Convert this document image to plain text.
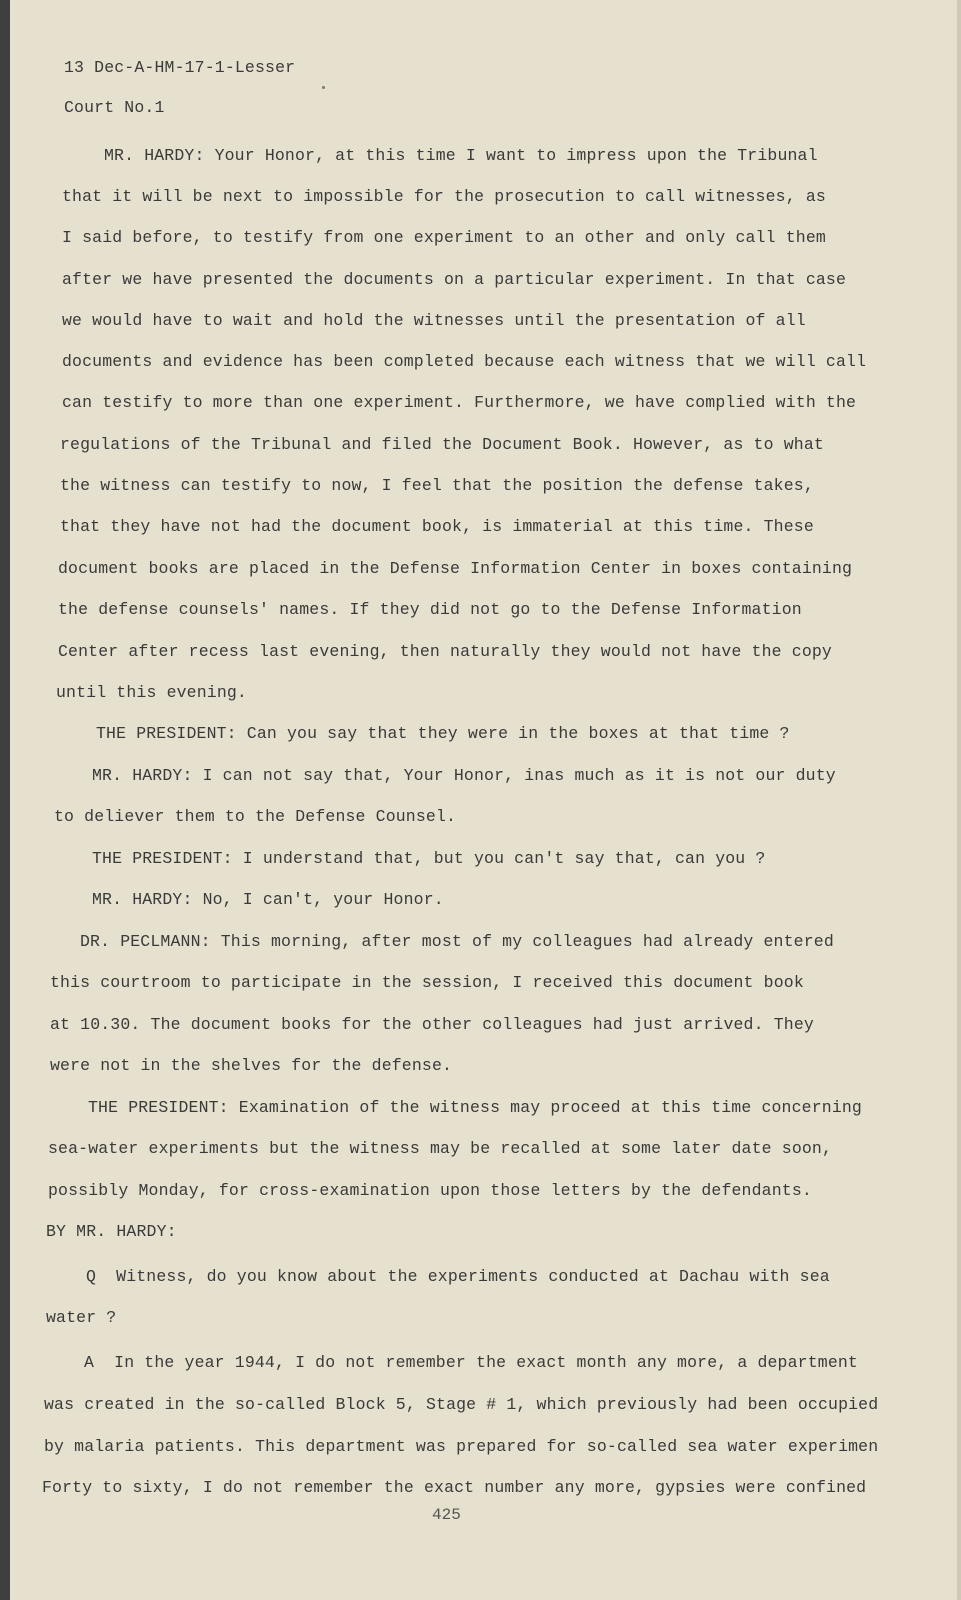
13 Dec-A-HM-17-1-Lesser
Court No.1
MR. HARDY: Your Honor, at this time I want to impress upon the Tribunal
that it will be next to impossible for the prosecution to call witnesses, as
I said before, to testify from one experiment to an other and only call them
after we have presented the documents on a particular experiment. In that case
we would have to wait and hold the witnesses until the presentation of all
documents and evidence has been completed because each witness that we will call
can testify to more than one experiment. Furthermore, we have complied with the
regulations of the Tribunal and filed the Document Book. However, as to what
the witness can testify to now, I feel that the position the defense takes,
that they have not had the document book, is immaterial at this time. These
document books are placed in the Defense Information Center in boxes containing
the defense counsels' names. If they did not go to the Defense Information
Center after recess last evening, then naturally they would not have the copy
until this evening.
THE PRESIDENT: Can you say that they were in the boxes at that time ?
MR. HARDY: I can not say that, Your Honor, inas much as it is not our duty
to deliever them to the Defense Counsel.
THE PRESIDENT: I understand that, but you can't say that, can you ?
MR. HARDY: No, I can't, your Honor.
DR. PECLMANN: This morning, after most of my colleagues had already entered
this courtroom to participate in the session, I received this document book
at 10.30. The document books for the other colleagues had just arrived. They
were not in the shelves for the defense.
THE PRESIDENT: Examination of the witness may proceed at this time concerning
sea-water experiments but the witness may be recalled at some later date soon,
possibly Monday, for cross-examination upon those letters by the defendants.
BY MR. HARDY:
Q  Witness, do you know about the experiments conducted at Dachau with sea
water ?
A  In the year 1944, I do not remember the exact month any more, a department
was created in the so-called Block 5, Stage # 1, which previously had been occupied
by malaria patients. This department was prepared for so-called sea water experimen
Forty to sixty, I do not remember the exact number any more, gypsies were confined
425
